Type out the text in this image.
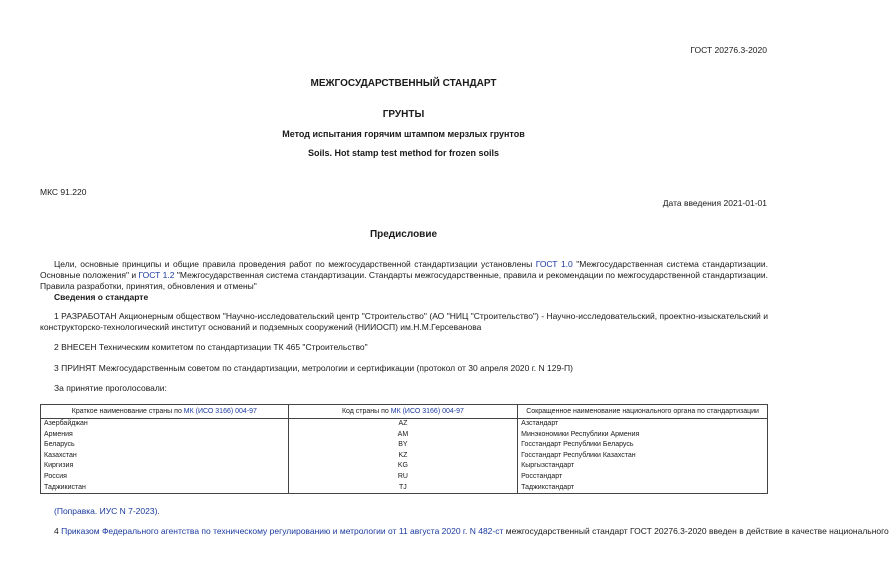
ГОСТ 20276.3-2020
МЕЖГОСУДАРСТВЕННЫЙ СТАНДАРТ
ГРУНТЫ
Метод испытания горячим штампом мерзлых грунтов
Soils. Hot stamp test method for frozen soils
МКС 91.220
Дата введения 2021-01-01
Предисловие
Цели, основные принципы и общие правила проведения работ по межгосударственной стандартизации установлены ГОСТ 1.0 "Межгосударственная система стандартизации. Основные положения" и ГОСТ 1.2 "Межгосударственная система стандартизации. Стандарты межгосударственные, правила и рекомендации по межгосударственной стандартизации. Правила разработки, принятия, обновления и отмены"
Сведения о стандарте
1 РАЗРАБОТАН Акционерным обществом "Научно-исследовательский центр "Строительство" (АО "НИЦ "Строительство") - Научно-исследовательский, проектно-изыскательский и конструкторско-технологический институт оснований и подземных сооружений (НИИОСП) им.Н.М.Герсеванова
2 ВНЕСЕН Техническим комитетом по стандартизации ТК 465 "Строительство"
3 ПРИНЯТ Межгосударственным советом по стандартизации, метрологии и сертификации (протокол от 30 апреля 2020 г. N 129-П)
За принятие проголосовали:
Краткое наименование страны по МК (ИСО 3166) 004-97	Код страны по МК (ИСО 3166) 004-97	Сокращенное наименование национального органа по стандартизации
Азербайджан	AZ	Азстандарт
Армения	AM	Минэкономики Республики Армения
Беларусь	BY	Госстандарт Республики Беларусь
Казахстан	KZ	Госстандарт Республики Казахстан
Киргизия	KG	Кыргызстандарт
Россия	RU	Росстандарт
Таджикистан	TJ	Таджикстандарт
(Поправка. ИУС N 7-2023).
4 Приказом Федерального агентства по техническому регулированию и метрологии от 11 августа 2020 г. N 482-ст межгосударственный стандарт ГОСТ 20276.3-2020 введен в действие в качестве национального
